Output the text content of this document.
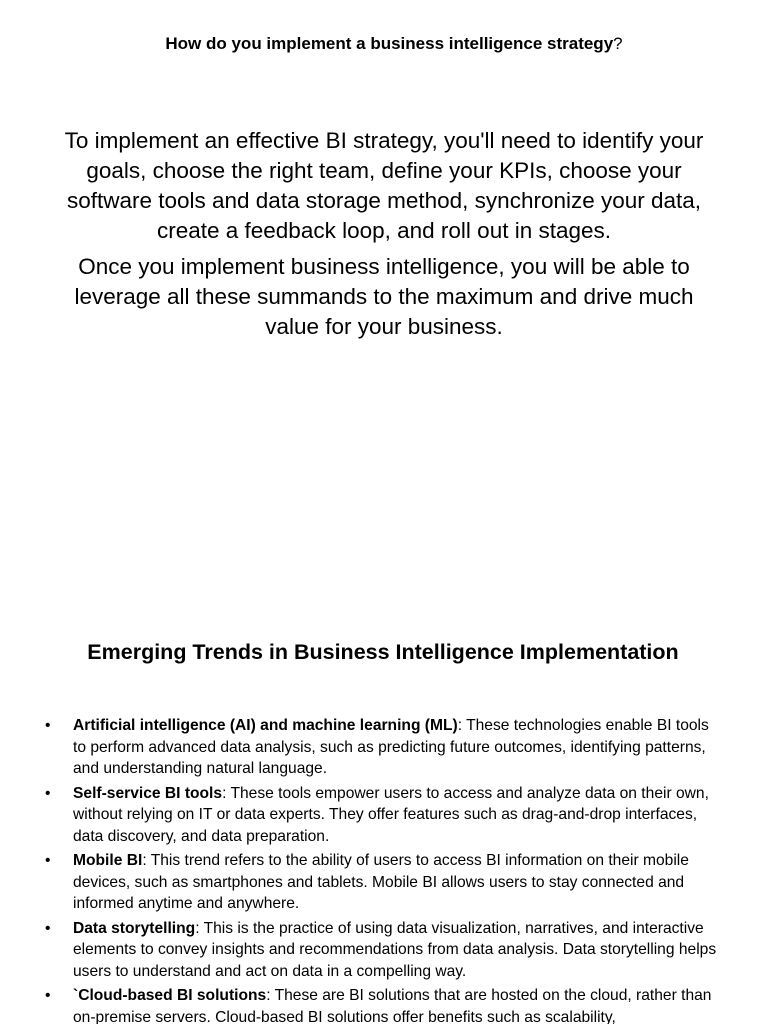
How do you implement a business intelligence strategy?

To implement an effective BI strategy, you'll need to identify your goals, choose the right team, define your KPIs, choose your software tools and data storage method, synchronize your data, create a feedback loop, and roll out in stages.

Once you implement business intelligence, you will be able to leverage all these summands to the maximum and drive much value for your business.

Emerging Trends in Business Intelligence Implementation
• Artificial intelligence (AI) and machine learning (ML): These technologies enable BI tools to perform advanced data analysis, such as predicting future outcomes, identifying patterns, and understanding natural language.
• Self-service BI tools: These tools empower users to access and analyze data on their own, without relying on IT or data experts. They offer features such as drag-and-drop interfaces, data discovery, and data preparation.
• Mobile BI: This trend refers to the ability of users to access BI information on their mobile devices, such as smartphones and tablets. Mobile BI allows users to stay connected and informed anytime and anywhere.
• Data storytelling: This is the practice of using data visualization, narratives, and interactive elements to convey insights and recommendations from data analysis. Data storytelling helps users to understand and act on data in a compelling way.
• `Cloud-based BI solutions: These are BI solutions that are hosted on the cloud, rather than on-premise servers. Cloud-based BI solutions offer benefits such as scalability,
